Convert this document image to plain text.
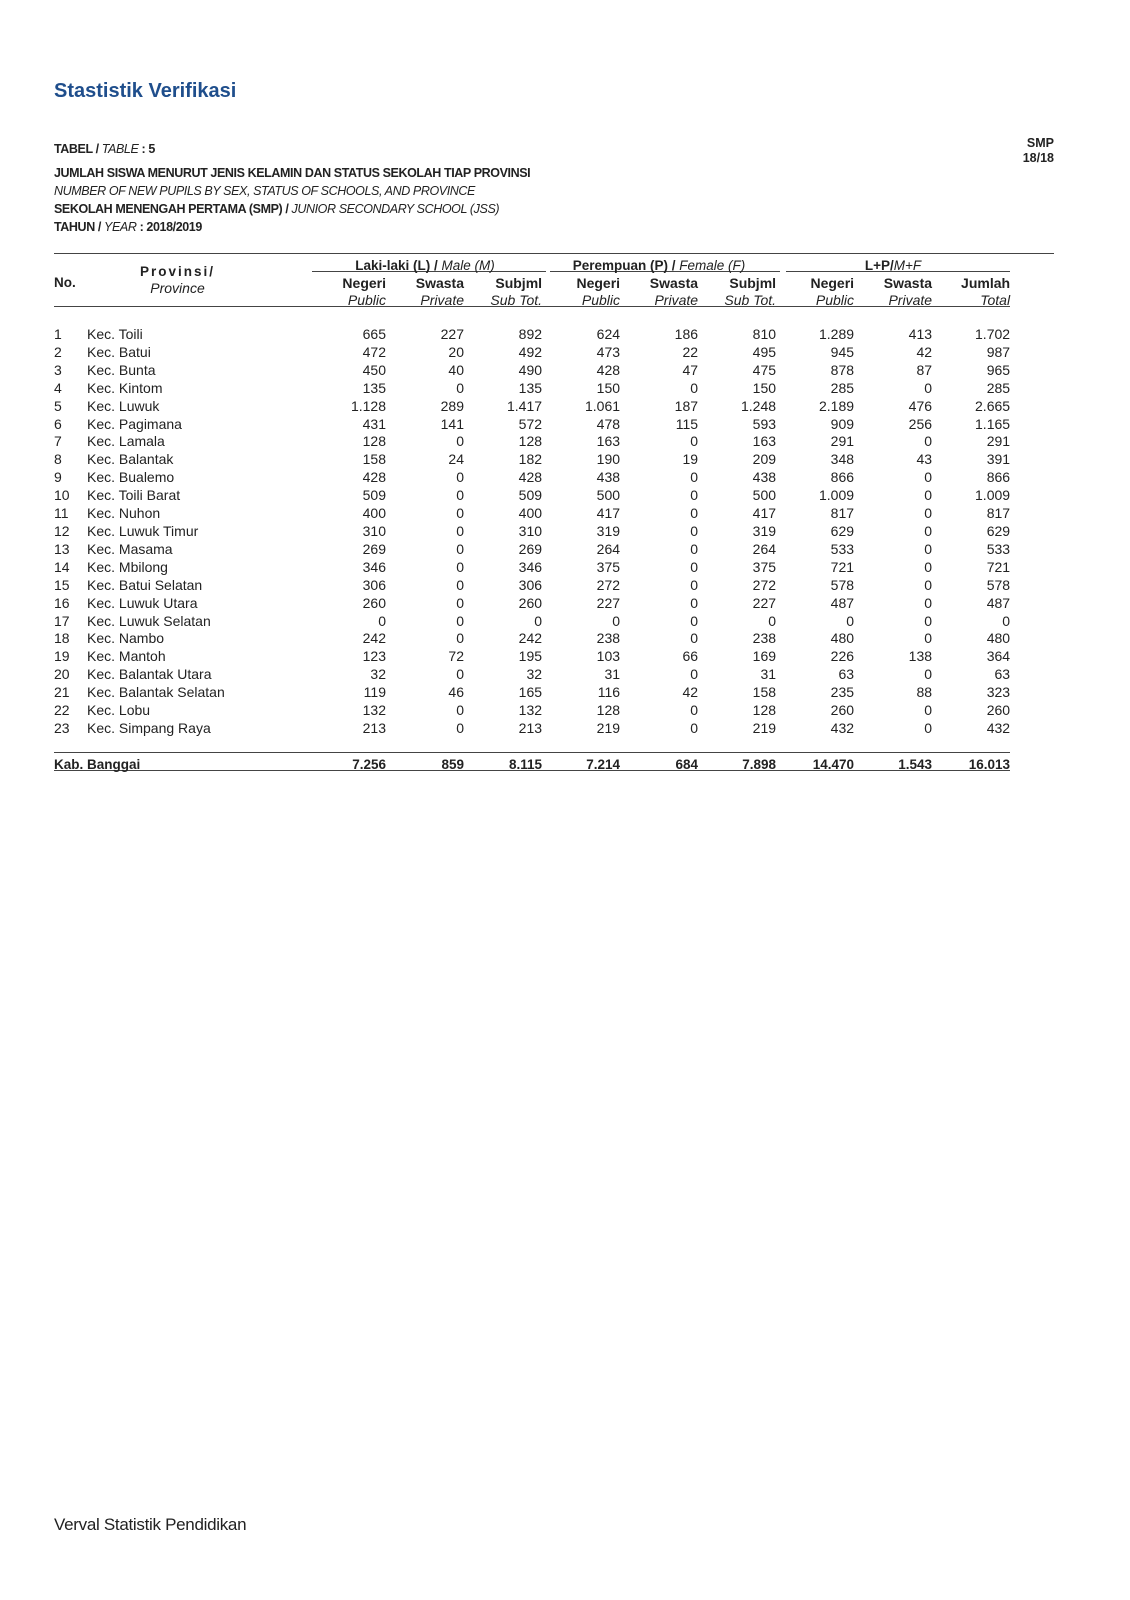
Stastistik Verifikasi
SMP
18/18
TABEL / TABLE : 5
JUMLAH SISWA MENURUT JENIS KELAMIN DAN STATUS SEKOLAH TIAP PROVINSI
NUMBER OF NEW PUPILS BY SEX, STATUS OF SCHOOLS, AND PROVINCE
SEKOLAH MENENGAH PERTAMA (SMP) / JUNIOR SECONDARY SCHOOL (JSS)
TAHUN / YEAR : 2018/2019
No.	Provinsi/
Province	Laki-laki (L) / Male (M)			Perempuan (P) / Female (F)			L+P/M+F		
		Negeri	Swasta	Subjml	Negeri	Swasta	Subjml	Negeri	Swasta	Jumlah
		Public	Private	Sub Tot.	Public	Private	Sub Tot.	Public	Private	Total

1	Kec. Toili	665	227	892	624	186	810	1.289	413	1.702
2	Kec. Batui	472	20	492	473	22	495	945	42	987
3	Kec. Bunta	450	40	490	428	47	475	878	87	965
4	Kec. Kintom	135	0	135	150	0	150	285	0	285
5	Kec. Luwuk	1.128	289	1.417	1.061	187	1.248	2.189	476	2.665
6	Kec. Pagimana	431	141	572	478	115	593	909	256	1.165
7	Kec. Lamala	128	0	128	163	0	163	291	0	291
8	Kec. Balantak	158	24	182	190	19	209	348	43	391
9	Kec. Bualemo	428	0	428	438	0	438	866	0	866
10	Kec. Toili Barat	509	0	509	500	0	500	1.009	0	1.009
11	Kec. Nuhon	400	0	400	417	0	417	817	0	817
12	Kec. Luwuk Timur	310	0	310	319	0	319	629	0	629
13	Kec. Masama	269	0	269	264	0	264	533	0	533
14	Kec. Mbilong	346	0	346	375	0	375	721	0	721
15	Kec. Batui Selatan	306	0	306	272	0	272	578	0	578
16	Kec. Luwuk Utara	260	0	260	227	0	227	487	0	487
17	Kec. Luwuk Selatan	0	0	0	0	0	0	0	0	0
18	Kec. Nambo	242	0	242	238	0	238	480	0	480
19	Kec. Mantoh	123	72	195	103	66	169	226	138	364
20	Kec. Balantak Utara	32	0	32	31	0	31	63	0	63
21	Kec. Balantak Selatan	119	46	165	116	42	158	235	88	323
22	Kec. Lobu	132	0	132	128	0	128	260	0	260
23	Kec. Simpang Raya	213	0	213	219	0	219	432	0	432

Kab. Banggai		7.256	859	8.115	7.214	684	7.898	14.470	1.543	16.013
Verval Statistik Pendidikan
